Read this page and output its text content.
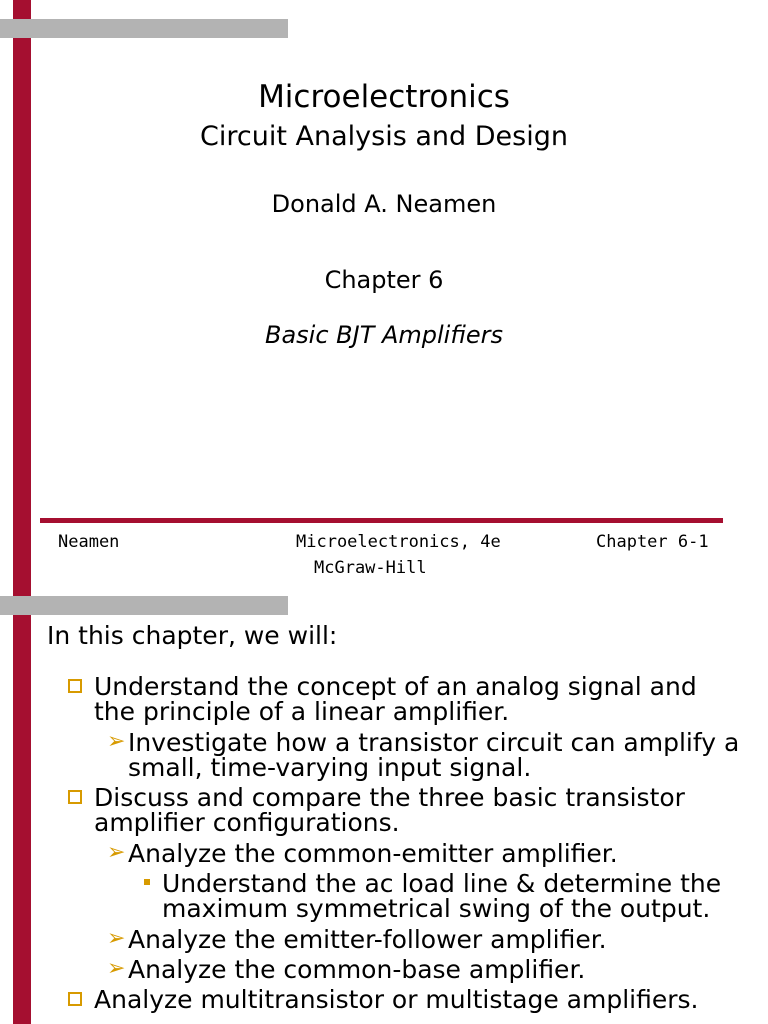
Microelectronics
Circuit Analysis and Design
Donald A. Neamen
Chapter 6
Basic BJT Amplifiers
Neamen	Microelectronics, 4e
McGraw-Hill
Chapter 6-1
In this chapter, we will:
Understand the concept of an analog signal and
the principle of a linear amplifier.
➢ Investigate how a transistor circuit can amplify a
small, time-varying input signal.
Discuss and compare the three basic transistor
amplifier configurations.
➢ Analyze the common-emitter amplifier.
Understand the ac load line & determine the
maximum symmetrical swing of the output.
➢ Analyze the emitter-follower amplifier.
➢ Analyze the common-base amplifier.
Analyze multitransistor or multistage amplifiers.
